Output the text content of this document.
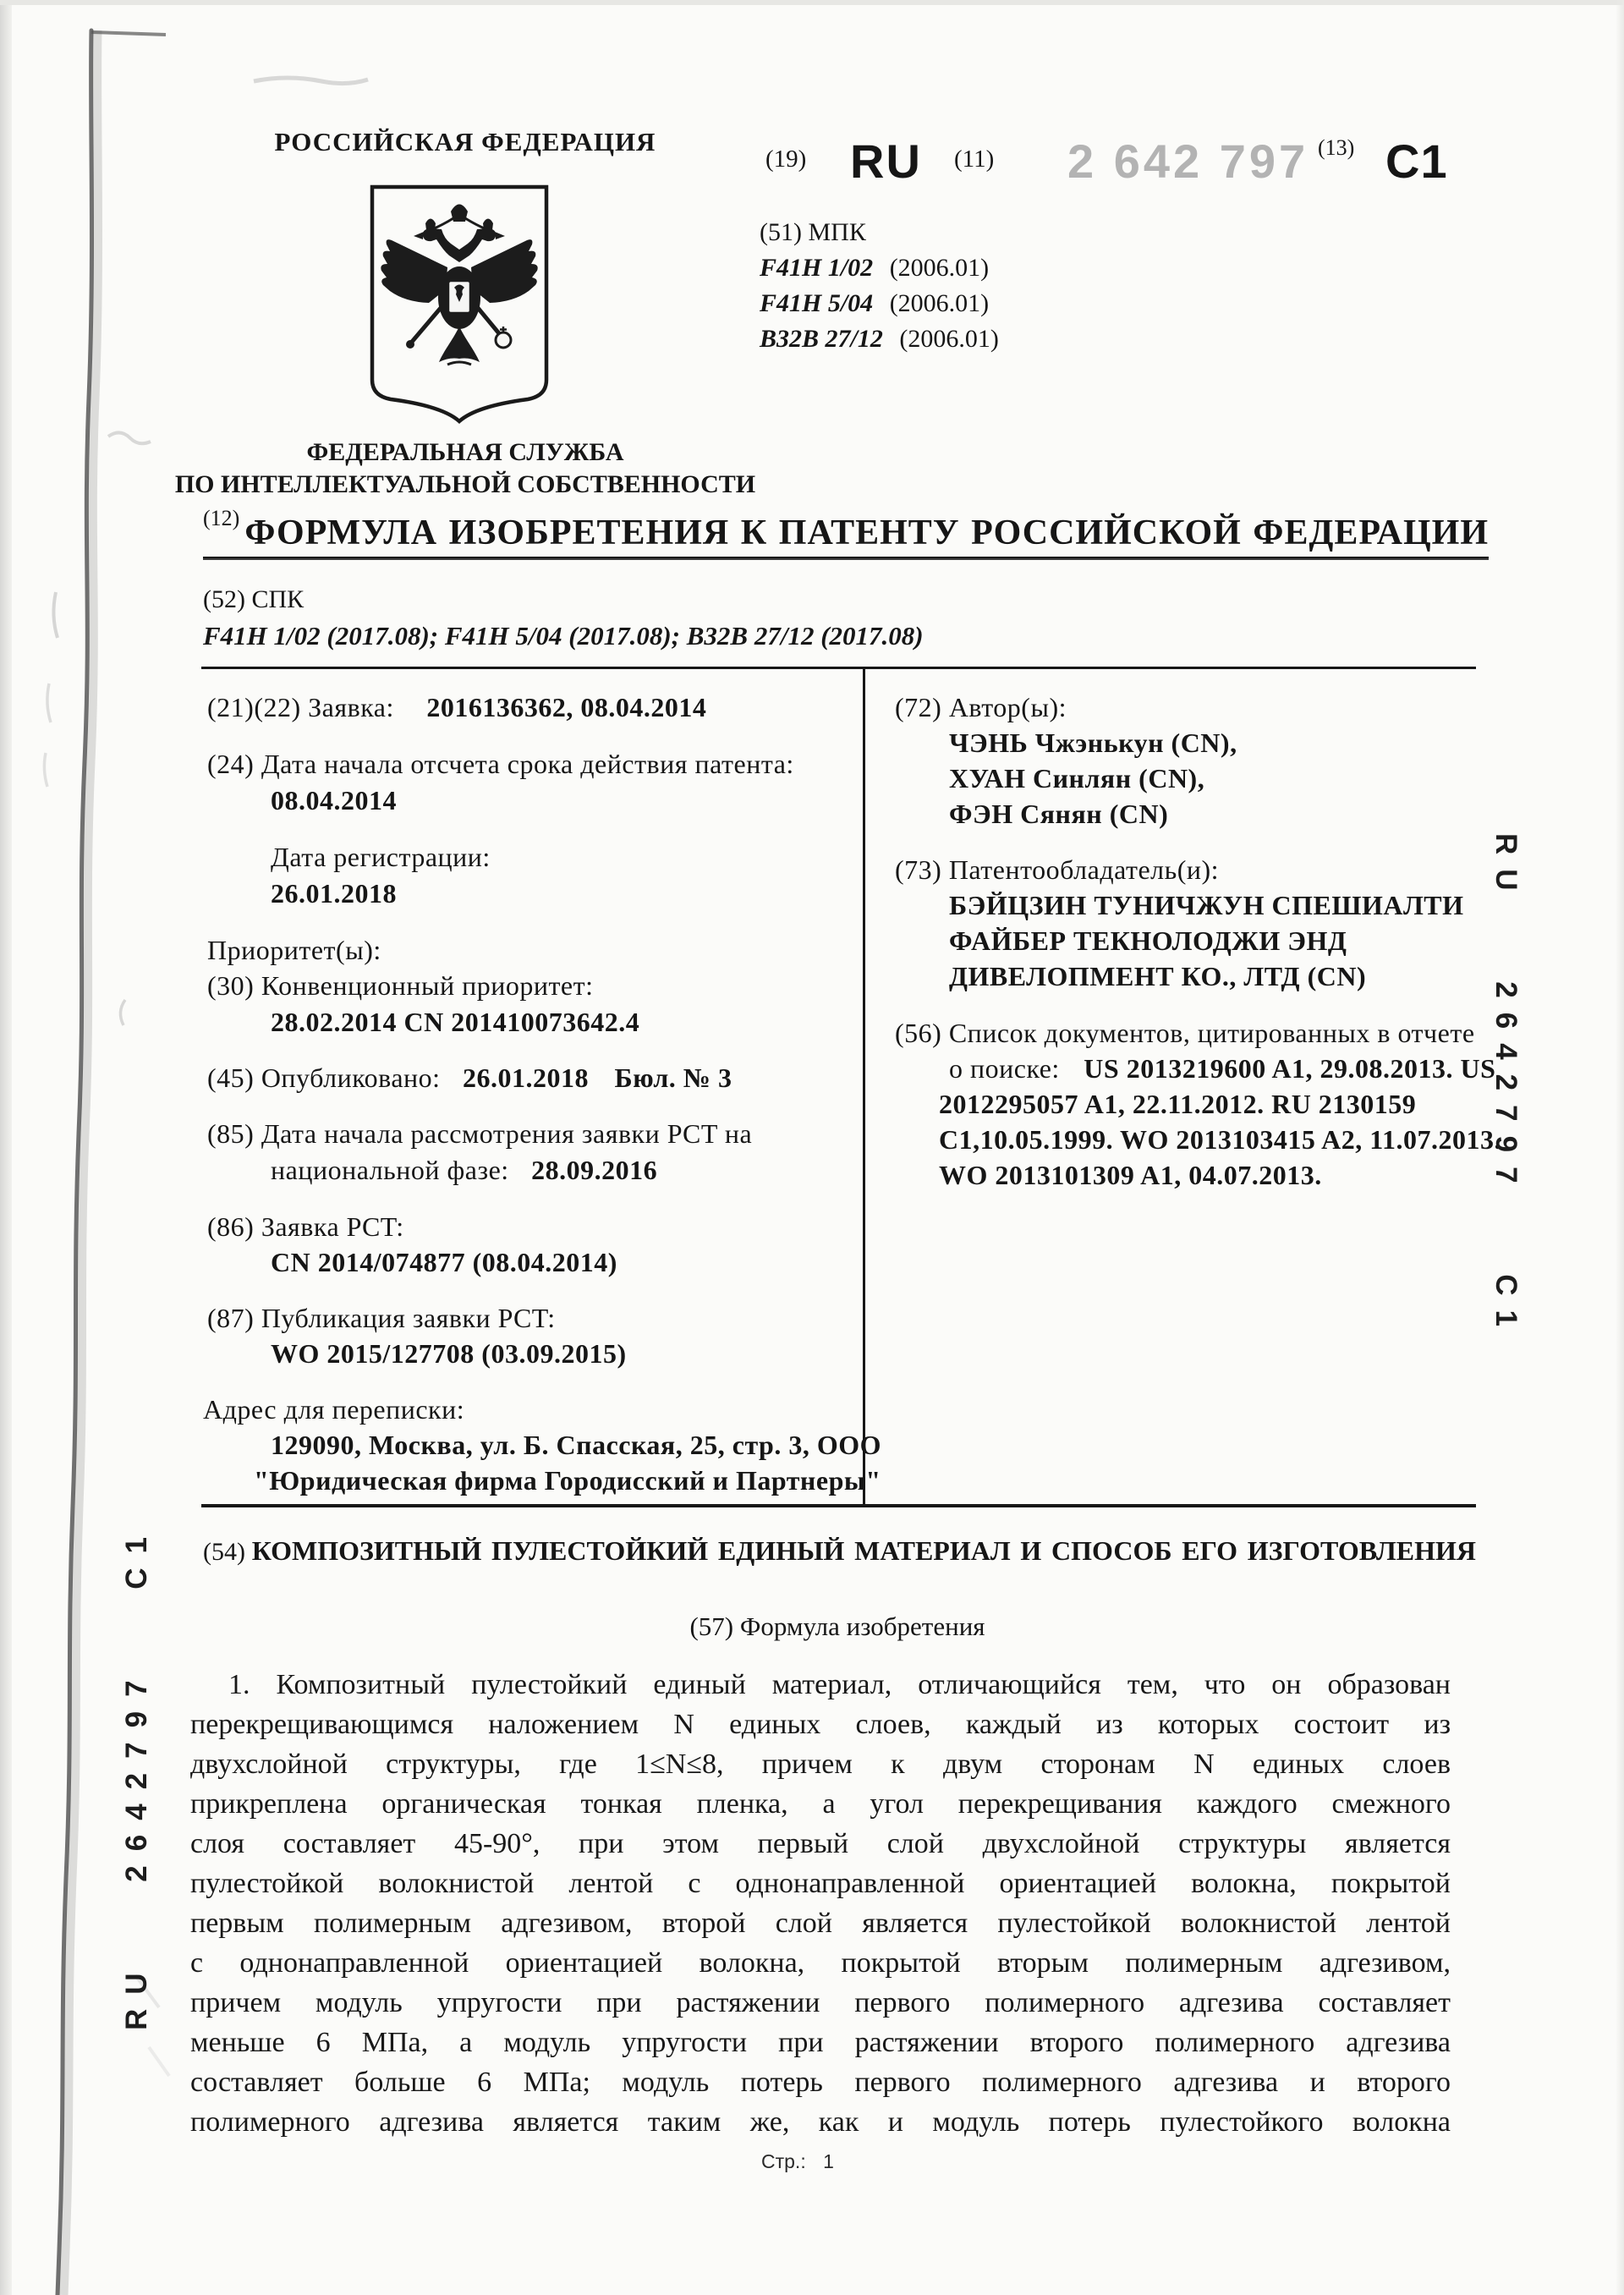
РОССИЙСКАЯ ФЕДЕРАЦИЯ
(19) RU (11) 2 642 797 (13) C1
(51) МПК
F41H 1/02 (2006.01)
F41H 5/04 (2006.01)
B32B 27/12 (2006.01)
ФЕДЕРАЛЬНАЯ СЛУЖБА
ПО ИНТЕЛЛЕКТУАЛЬНОЙ СОБСТВЕННОСТИ
$^{(12)}$ ФОРМУЛА ИЗОБРЕТЕНИЯ К ПАТЕНТУ РОССИЙСКОЙ ФЕДЕРАЦИИ
(52) СПК
F41H 1/02 (2017.08); F41H 5/04 (2017.08); B32B 27/12 (2017.08)
(21)(22) Заявка: 2016136362, 08.04.2014
(24) Дата начала отсчета срока действия патента:
08.04.2014
Дата регистрации:
26.01.2018
Приоритет(ы):
(30) Конвенционный приоритет:
28.02.2014 CN 201410073642.4
(45) Опубликовано: 26.01.2018 Бюл. № 3
(85) Дата начала рассмотрения заявки PCT на
национальной фазе: 28.09.2016
(86) Заявка PCT:
CN 2014/074877 (08.04.2014)
(87) Публикация заявки PCT:
WO 2015/127708 (03.09.2015)
Адрес для переписки:
129090, Москва, ул. Б. Спасская, 25, стр. 3, ООО
"Юридическая фирма Городисский и Партнеры"
(72) Автор(ы):
ЧЭНЬ Чжэнькун (CN),
ХУАН Синлян (CN),
ФЭН Сянян (CN)
(73) Патентообладатель(и):
БЭЙЦЗИН ТУНИЧЖУН СПЕШИАЛТИ
ФАЙБЕР ТЕКНОЛОДЖИ ЭНД
ДИВЕЛОПМЕНТ КО., ЛТД (CN)
(56) Список документов, цитированных в отчете
о поиске: US 2013219600 A1, 29.08.2013. US
2012295057 A1, 22.11.2012. RU 2130159
C1,10.05.1999. WO 2013103415 A2, 11.07.2013.
WO 2013101309 A1, 04.07.2013.
(54) КОМПОЗИТНЫЙ ПУЛЕСТОЙКИЙ ЕДИНЫЙ МАТЕРИАЛ И СПОСОБ ЕГО ИЗГОТОВЛЕНИЯ
(57) Формула изобретения
1. Композитный пулестойкий единый материал, отличающийся тем, что он образован
перекрещивающимся наложением N единых слоев, каждый из которых состоит из
двухслойной структуры, где 1≤N≤8, причем к двум сторонам N единых слоев
прикреплена органическая тонкая пленка, а угол перекрещивания каждого смежного
слоя составляет 45-90°, при этом первый слой двухслойной структуры является
пулестойкой волокнистой лентой с однонаправленной ориентацией волокна, покрытой
первым полимерным адгезивом, второй слой является пулестойкой волокнистой лентой
с однонаправленной ориентацией волокна, покрытой вторым полимерным адгезивом,
причем модуль упругости при растяжении первого полимерного адгезива составляет
меньше 6 МПа, а модуль упругости при растяжении второго полимерного адгезива
составляет больше 6 МПа; модуль потерь первого полимерного адгезива и второго
полимерного адгезива является таким же, как и модуль потерь пулестойкого волокна
RU 2642797 C1
RU 2642797 C1
Стр.: 1
